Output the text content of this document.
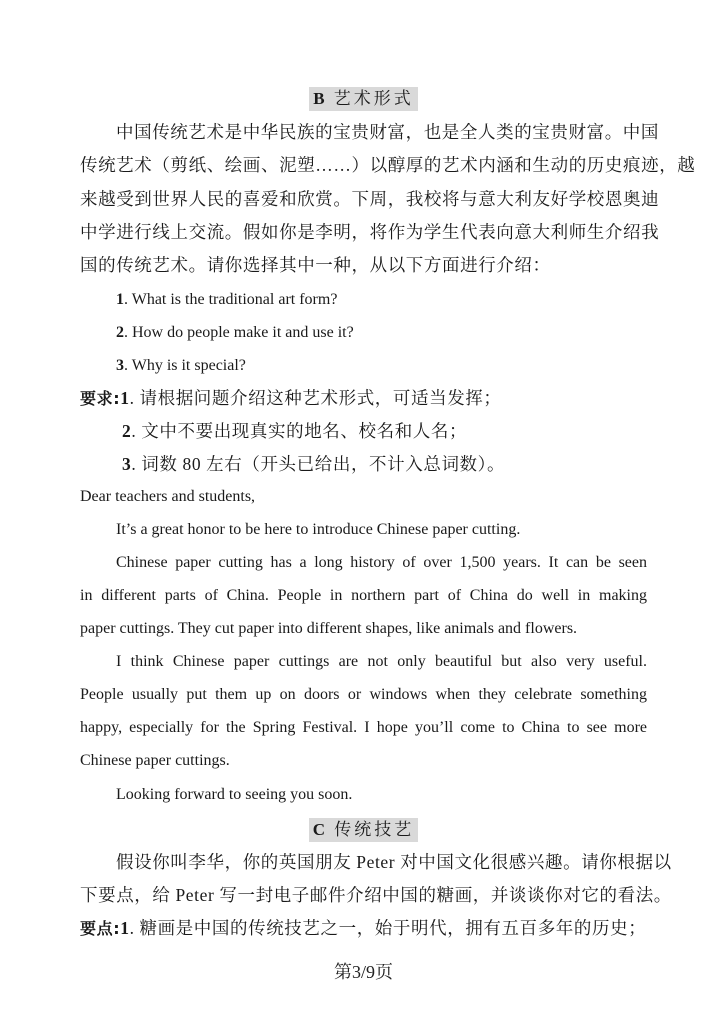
B 艺术形式
中国传统艺术是中华民族的宝贵财富，也是全人类的宝贵财富。中国
传统艺术（剪纸、绘画、泥塑……）以醇厚的艺术内涵和生动的历史痕迹，越
来越受到世界人民的喜爱和欣赏。下周，我校将与意大利友好学校恩奥迪
中学进行线上交流。假如你是李明，将作为学生代表向意大利师生介绍我
国的传统艺术。请你选择其中一种，从以下方面进行介绍：
1. What is the traditional art form?
2. How do people make it and use it?
3. Why is it special?
要求:1. 请根据问题介绍这种艺术形式，可适当发挥；
2. 文中不要出现真实的地名、校名和人名；
3. 词数 80 左右（开头已给出，不计入总词数）。
Dear teachers and students,
It’s a great honor to be here to introduce Chinese paper cutting.
Chinese paper cutting has a long history of over 1,500 years. It can be seen
in different parts of China. People in northern part of China do well in making
paper cuttings. They cut paper into different shapes, like animals and flowers.
I think Chinese paper cuttings are not only beautiful but also very useful.
People usually put them up on doors or windows when they celebrate something
happy, especially for the Spring Festival. I hope you’ll come to China to see more
Chinese paper cuttings.
Looking forward to seeing you soon.
C 传统技艺
假设你叫李华，你的英国朋友 Peter 对中国文化很感兴趣。请你根据以
下要点，给 Peter 写一封电子邮件介绍中国的糖画，并谈谈你对它的看法。
要点:1. 糖画是中国的传统技艺之一，始于明代，拥有五百多年的历史；
第3/9页
